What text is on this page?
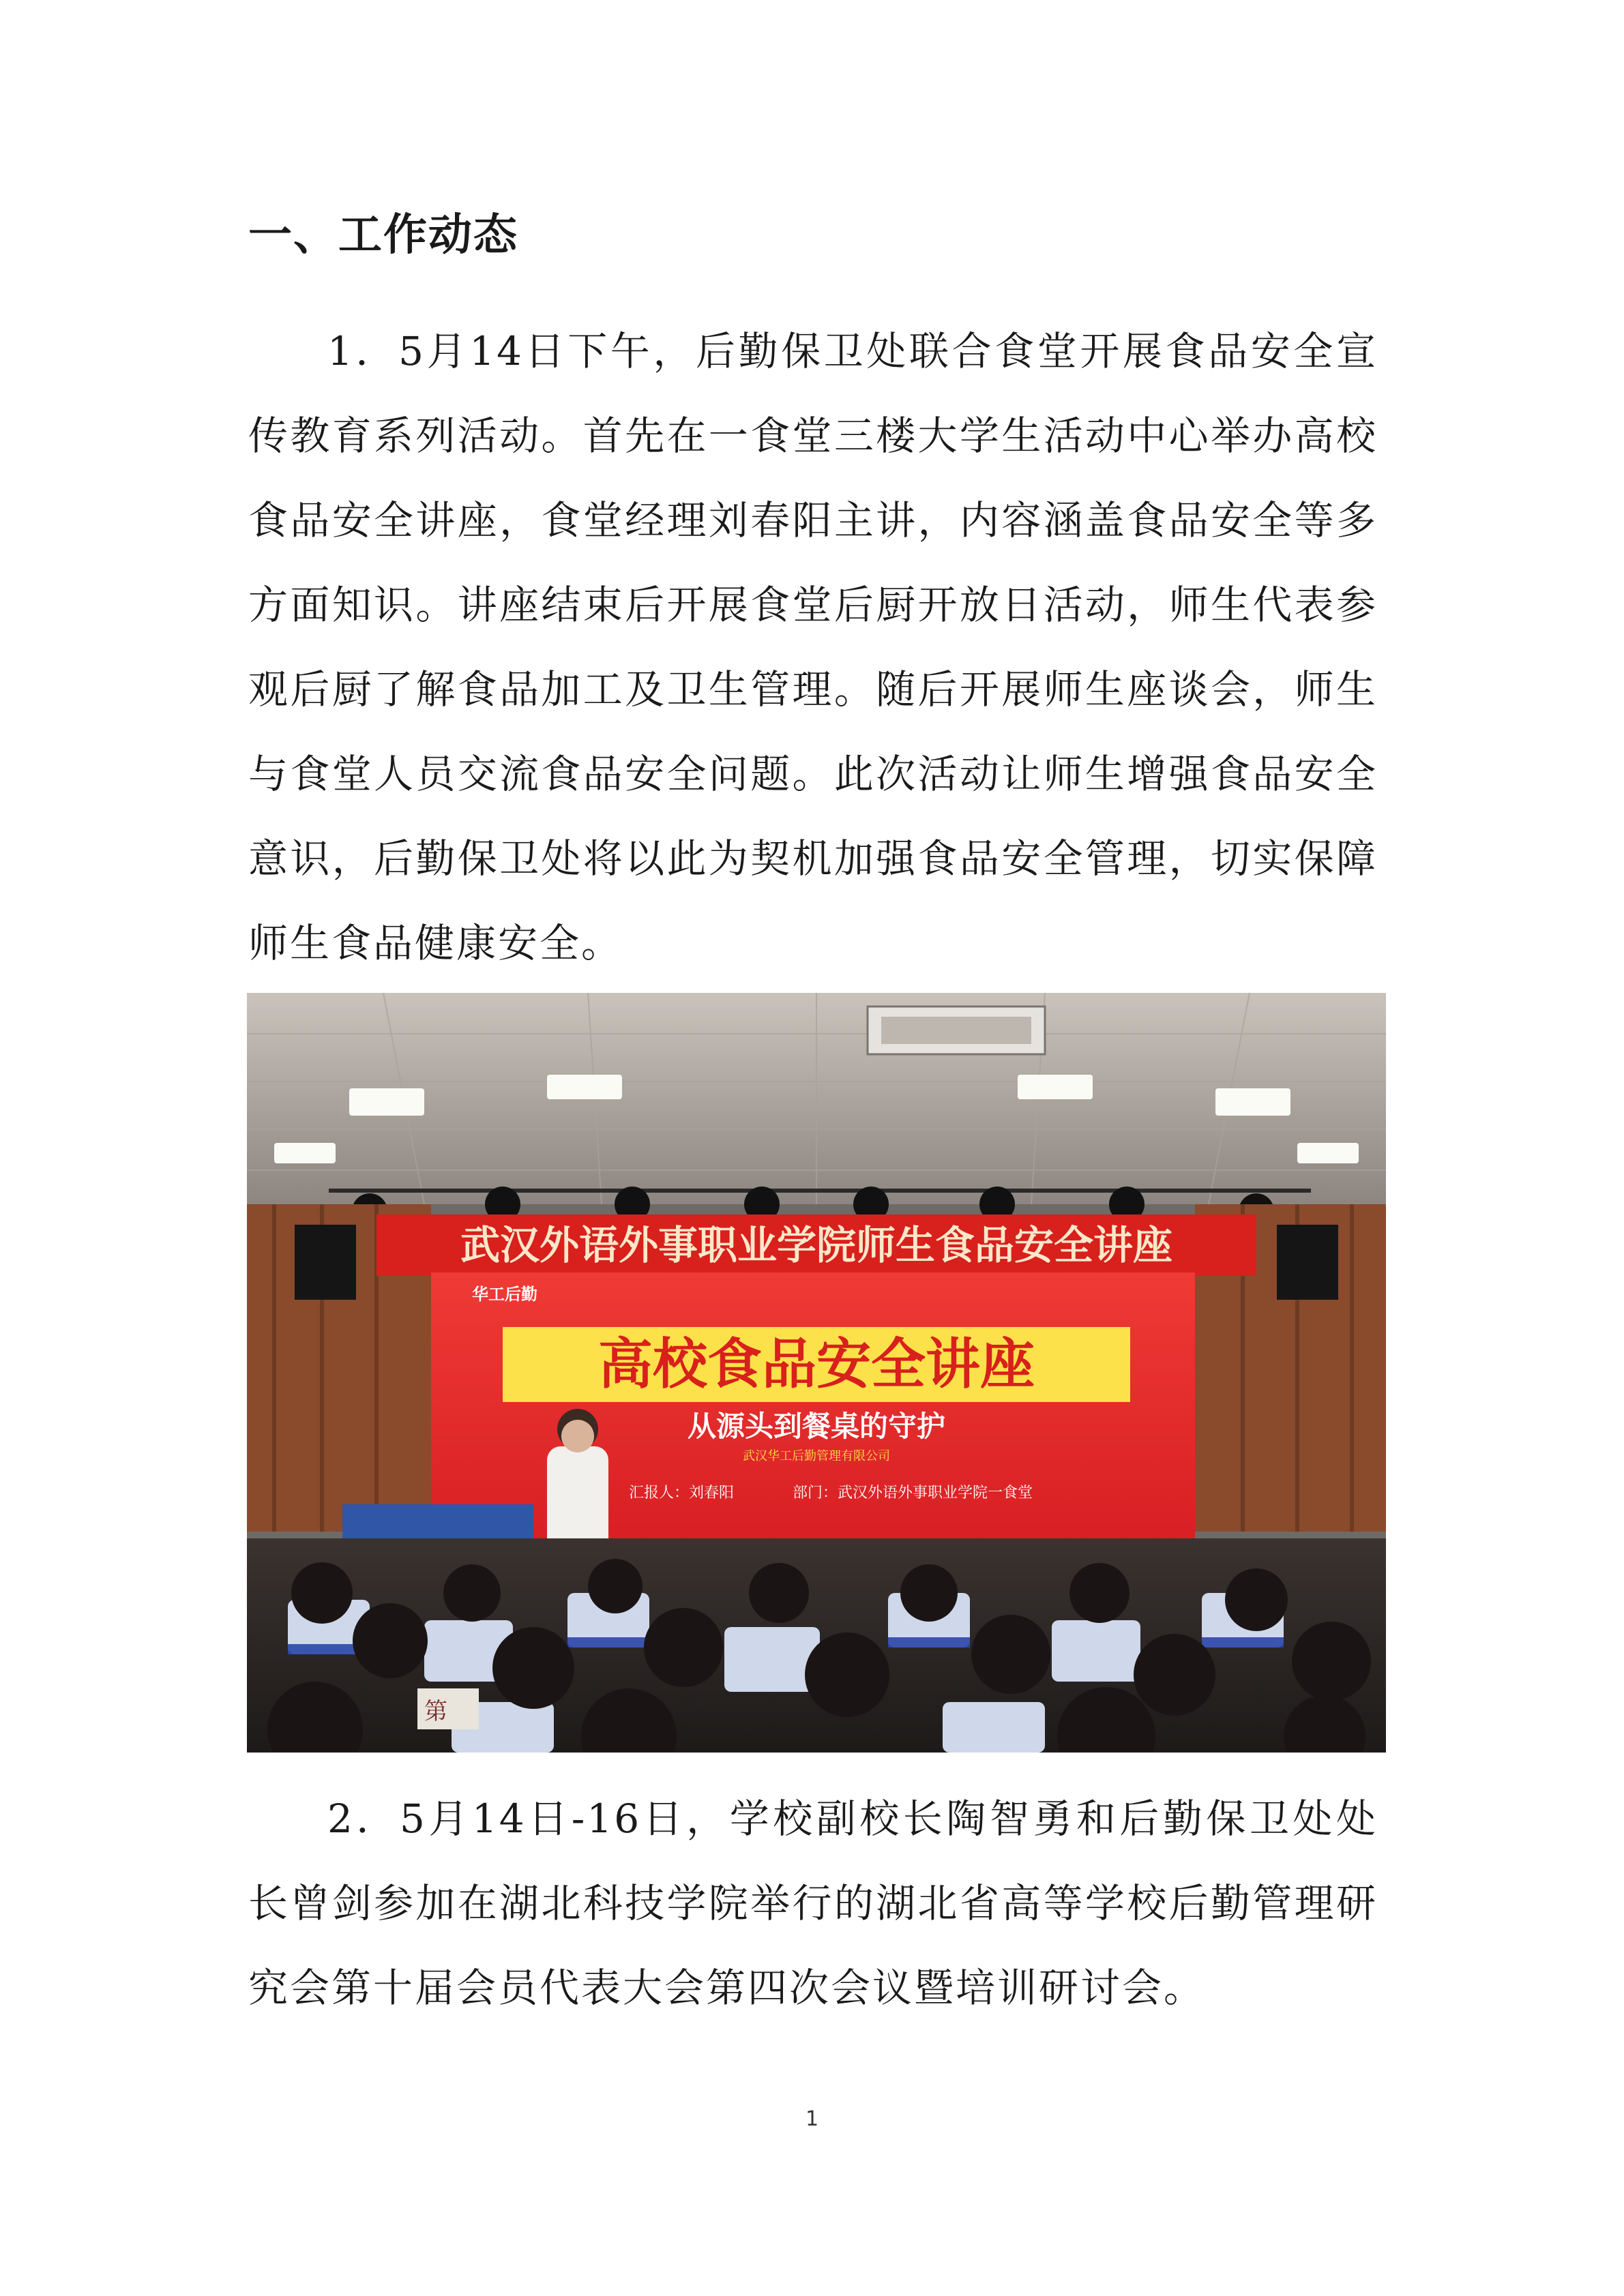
一、工作动态

1．5月14日下午，后勤保卫处联合食堂开展食品安全宣传教育系列活动。首先在一食堂三楼大学生活动中心举办高校食品安全讲座，食堂经理刘春阳主讲，内容涵盖食品安全等多方面知识。讲座结束后开展食堂后厨开放日活动，师生代表参观后厨了解食品加工及卫生管理。随后开展师生座谈会，师生与食堂人员交流食品安全问题。此次活动让师生增强食品安全意识，后勤保卫处将以此为契机加强食品安全管理，切实保障师生食品健康安全。

武汉外语外事职业学院师生食品安全讲座
华工后勤
高校食品安全讲座
从源头到餐桌的守护
武汉华工后勤管理有限公司
汇报人：刘春阳	部门：武汉外语外事职业学院一食堂
第

2．5月14日-16日，学校副校长陶智勇和后勤保卫处处长曾剑参加在湖北科技学院举行的湖北省高等学校后勤管理研究会第十届会员代表大会第四次会议暨培训研讨会。

1
